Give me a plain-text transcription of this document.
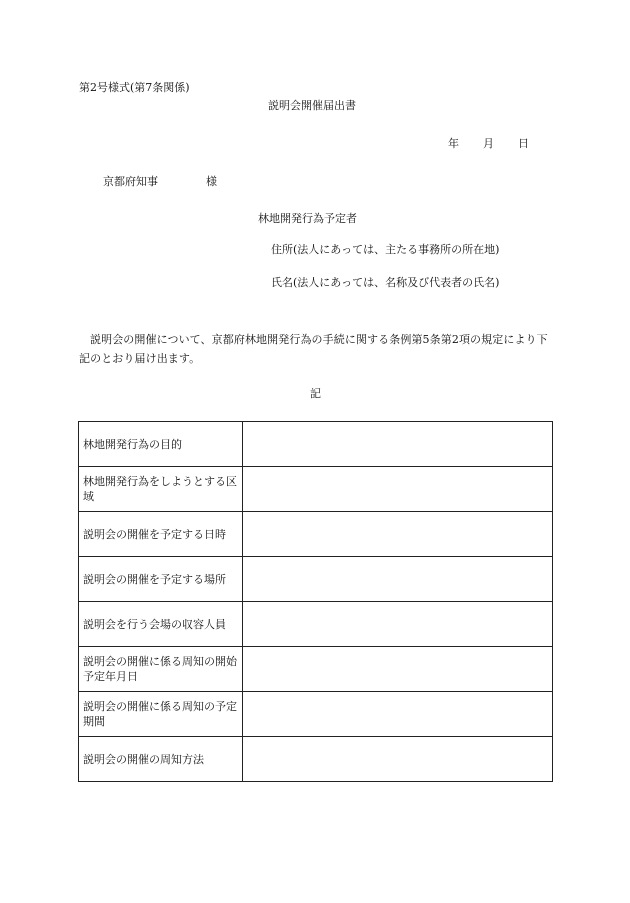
第2号様式(第7条関係)
説明会開催届出書
年 月 日
京都府知事	様
林地開発行為予定者
住所(法人にあっては、主たる事務所の所在地)
氏名(法人にあっては、名称及び代表者の氏名)
説明会の開催について、京都府林地開発行為の手続に関する条例第5条第2項の規定により下記のとおり届け出ます。
記
林地開発行為の目的	
林地開発行為をしようとする区域	
説明会の開催を予定する日時	
説明会の開催を予定する場所	
説明会を行う会場の収容人員	
説明会の開催に係る周知の開始予定年月日	
説明会の開催に係る周知の予定期間	
説明会の開催の周知方法	
